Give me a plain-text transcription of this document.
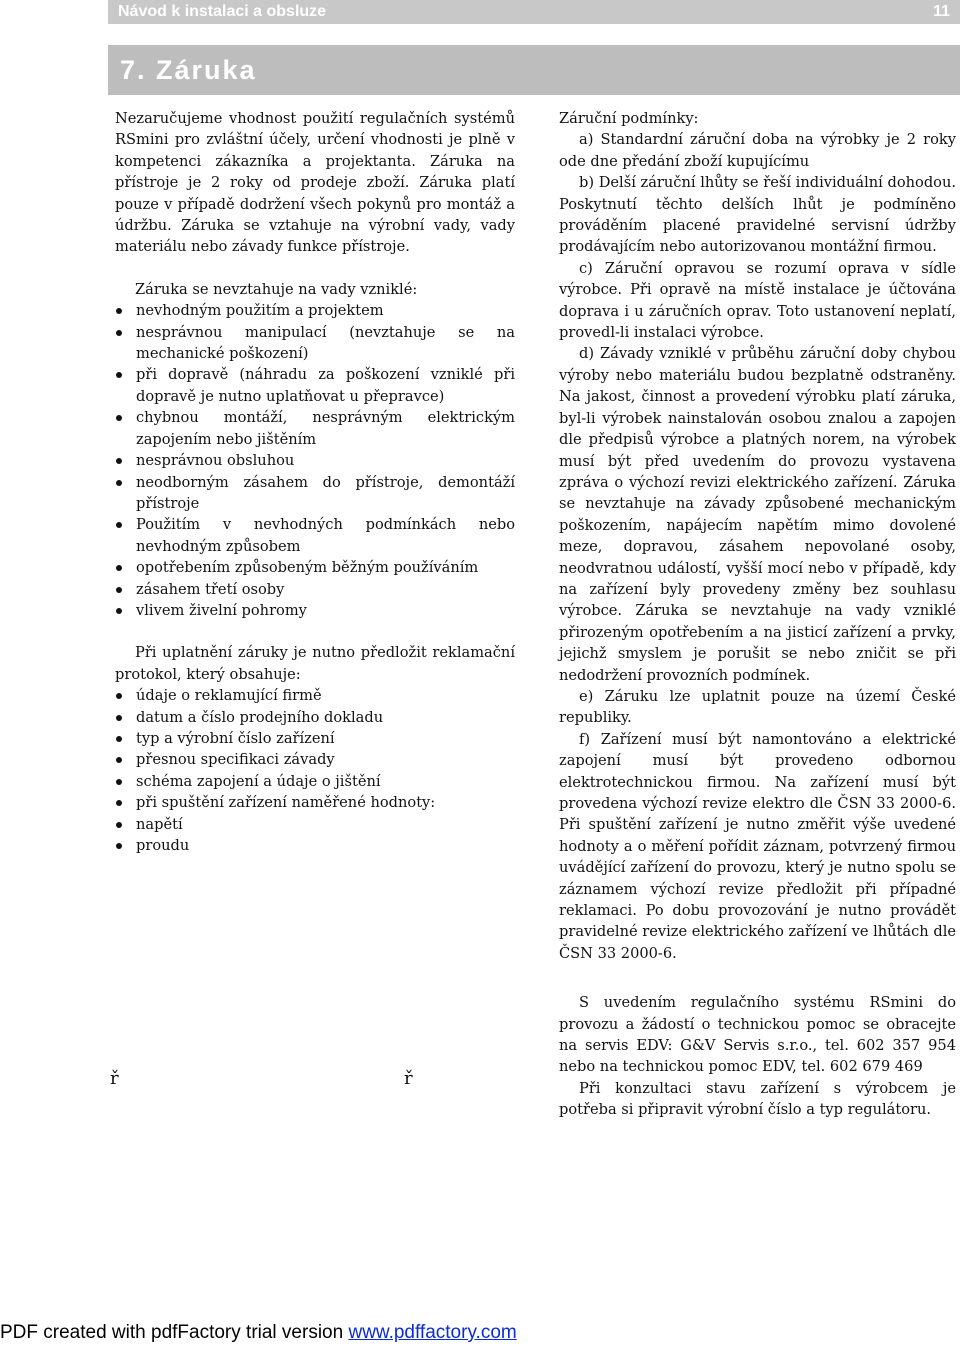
Návod k instalaci a obsluze	11
7. Záruka

Nezaručujeme vhodnost použití regulačních systémů RSmini pro zvláštní účely, určení vhodnosti je plně v kompetenci zákazníka a projektanta. Záruka na přístroje je 2 roky od prodeje zboží. Záruka platí pouze v případě dodržení všech pokynů pro montáž a údržbu. Záruka se vztahuje na výrobní vady, vady materiálu nebo závady funkce přístroje.

Záruka se nevztahuje na vady vzniklé:

nevhodným použitím a projektem
nesprávnou manipulací (nevztahuje se na mechanické poškození)
při dopravě (náhradu za poškození vzniklé při dopravě je nutno uplatňovat u přepravce)
chybnou montáží, nesprávným elektrickým zapojením nebo jištěním
nesprávnou obsluhou
neodborným zásahem do přístroje, demontáží přístroje
Použitím v nevhodných podmínkách nebo nevhodným způsobem
opotřebením způsobeným běžným používáním
zásahem třetí osoby
vlivem živelní pohromy

Při uplatnění záruky je nutno předložit reklamační protokol, který obsahuje:

údaje o reklamující firmě
datum a číslo prodejního dokladu
typ a výrobní číslo zařízení
přesnou specifikaci závady
schéma zapojení a údaje o jištění
při spuštění zařízení naměřené hodnoty:
napětí
proudu
ř	ř

Záruční podmínky:

a) Standardní záruční doba na výrobky je 2 roky ode dne předání zboží kupujícímu

b) Delší záruční lhůty se řeší individuální dohodou. Poskytnutí těchto delších lhůt je podmíněno prováděním placené pravidelné servisní údržby prodávajícím nebo autorizovanou montážní firmou.

c) Záruční opravou se rozumí oprava v sídle výrobce. Při opravě na místě instalace je účtována doprava i u záručních oprav. Toto ustanovení neplatí, provedl-li instalaci výrobce.

d) Závady vzniklé v průběhu záruční doby chybou výroby nebo materiálu budou bezplatně odstraněny. Na jakost, činnost a provedení výrobku platí záruka, byl-li výrobek nainstalován osobou znalou a zapojen dle předpisů výrobce a platných norem, na výrobek musí být před uvedením do provozu vystavena zpráva o výchozí revizi elektrického zařízení. Záruka se nevztahuje na závady způsobené mechanickým poškozením, napájecím napětím mimo dovolené meze, dopravou, zásahem nepovolané osoby, neodvratnou událostí, vyšší mocí nebo v případě, kdy na zařízení byly provedeny změny bez souhlasu výrobce. Záruka se nevztahuje na vady vzniklé přirozeným opotřebením a na jisticí zařízení a prvky, jejichž smyslem je porušit se nebo zničit se při nedodržení provozních podmínek.

e) Záruku lze uplatnit pouze na území České republiky.

f) Zařízení musí být namontováno a elektrické zapojení musí být provedeno odbornou elektrotechnickou firmou. Na zařízení musí být provedena výchozí revize elektro dle ČSN 33 2000-6. Při spuštění zařízení je nutno změřit výše uvedené hodnoty a o měření pořídit záznam, potvrzený firmou uvádějící zařízení do provozu, který je nutno spolu se záznamem výchozí revize předložit při případné reklamaci. Po dobu provozování je nutno provádět pravidelné revize elektrického zařízení ve lhůtách dle ČSN 33 2000-6.

S uvedením regulačního systému RSmini do provozu a žádostí o technickou pomoc se obracejte na servis EDV: G&V Servis s.r.o., tel. 602 357 954 nebo na technickou pomoc EDV, tel. 602 679 469

Při konzultaci stavu zařízení s výrobcem je potřeba si připravit výrobní číslo a typ regulátoru.

PDF created with pdfFactory trial version www.pdffactory.com
